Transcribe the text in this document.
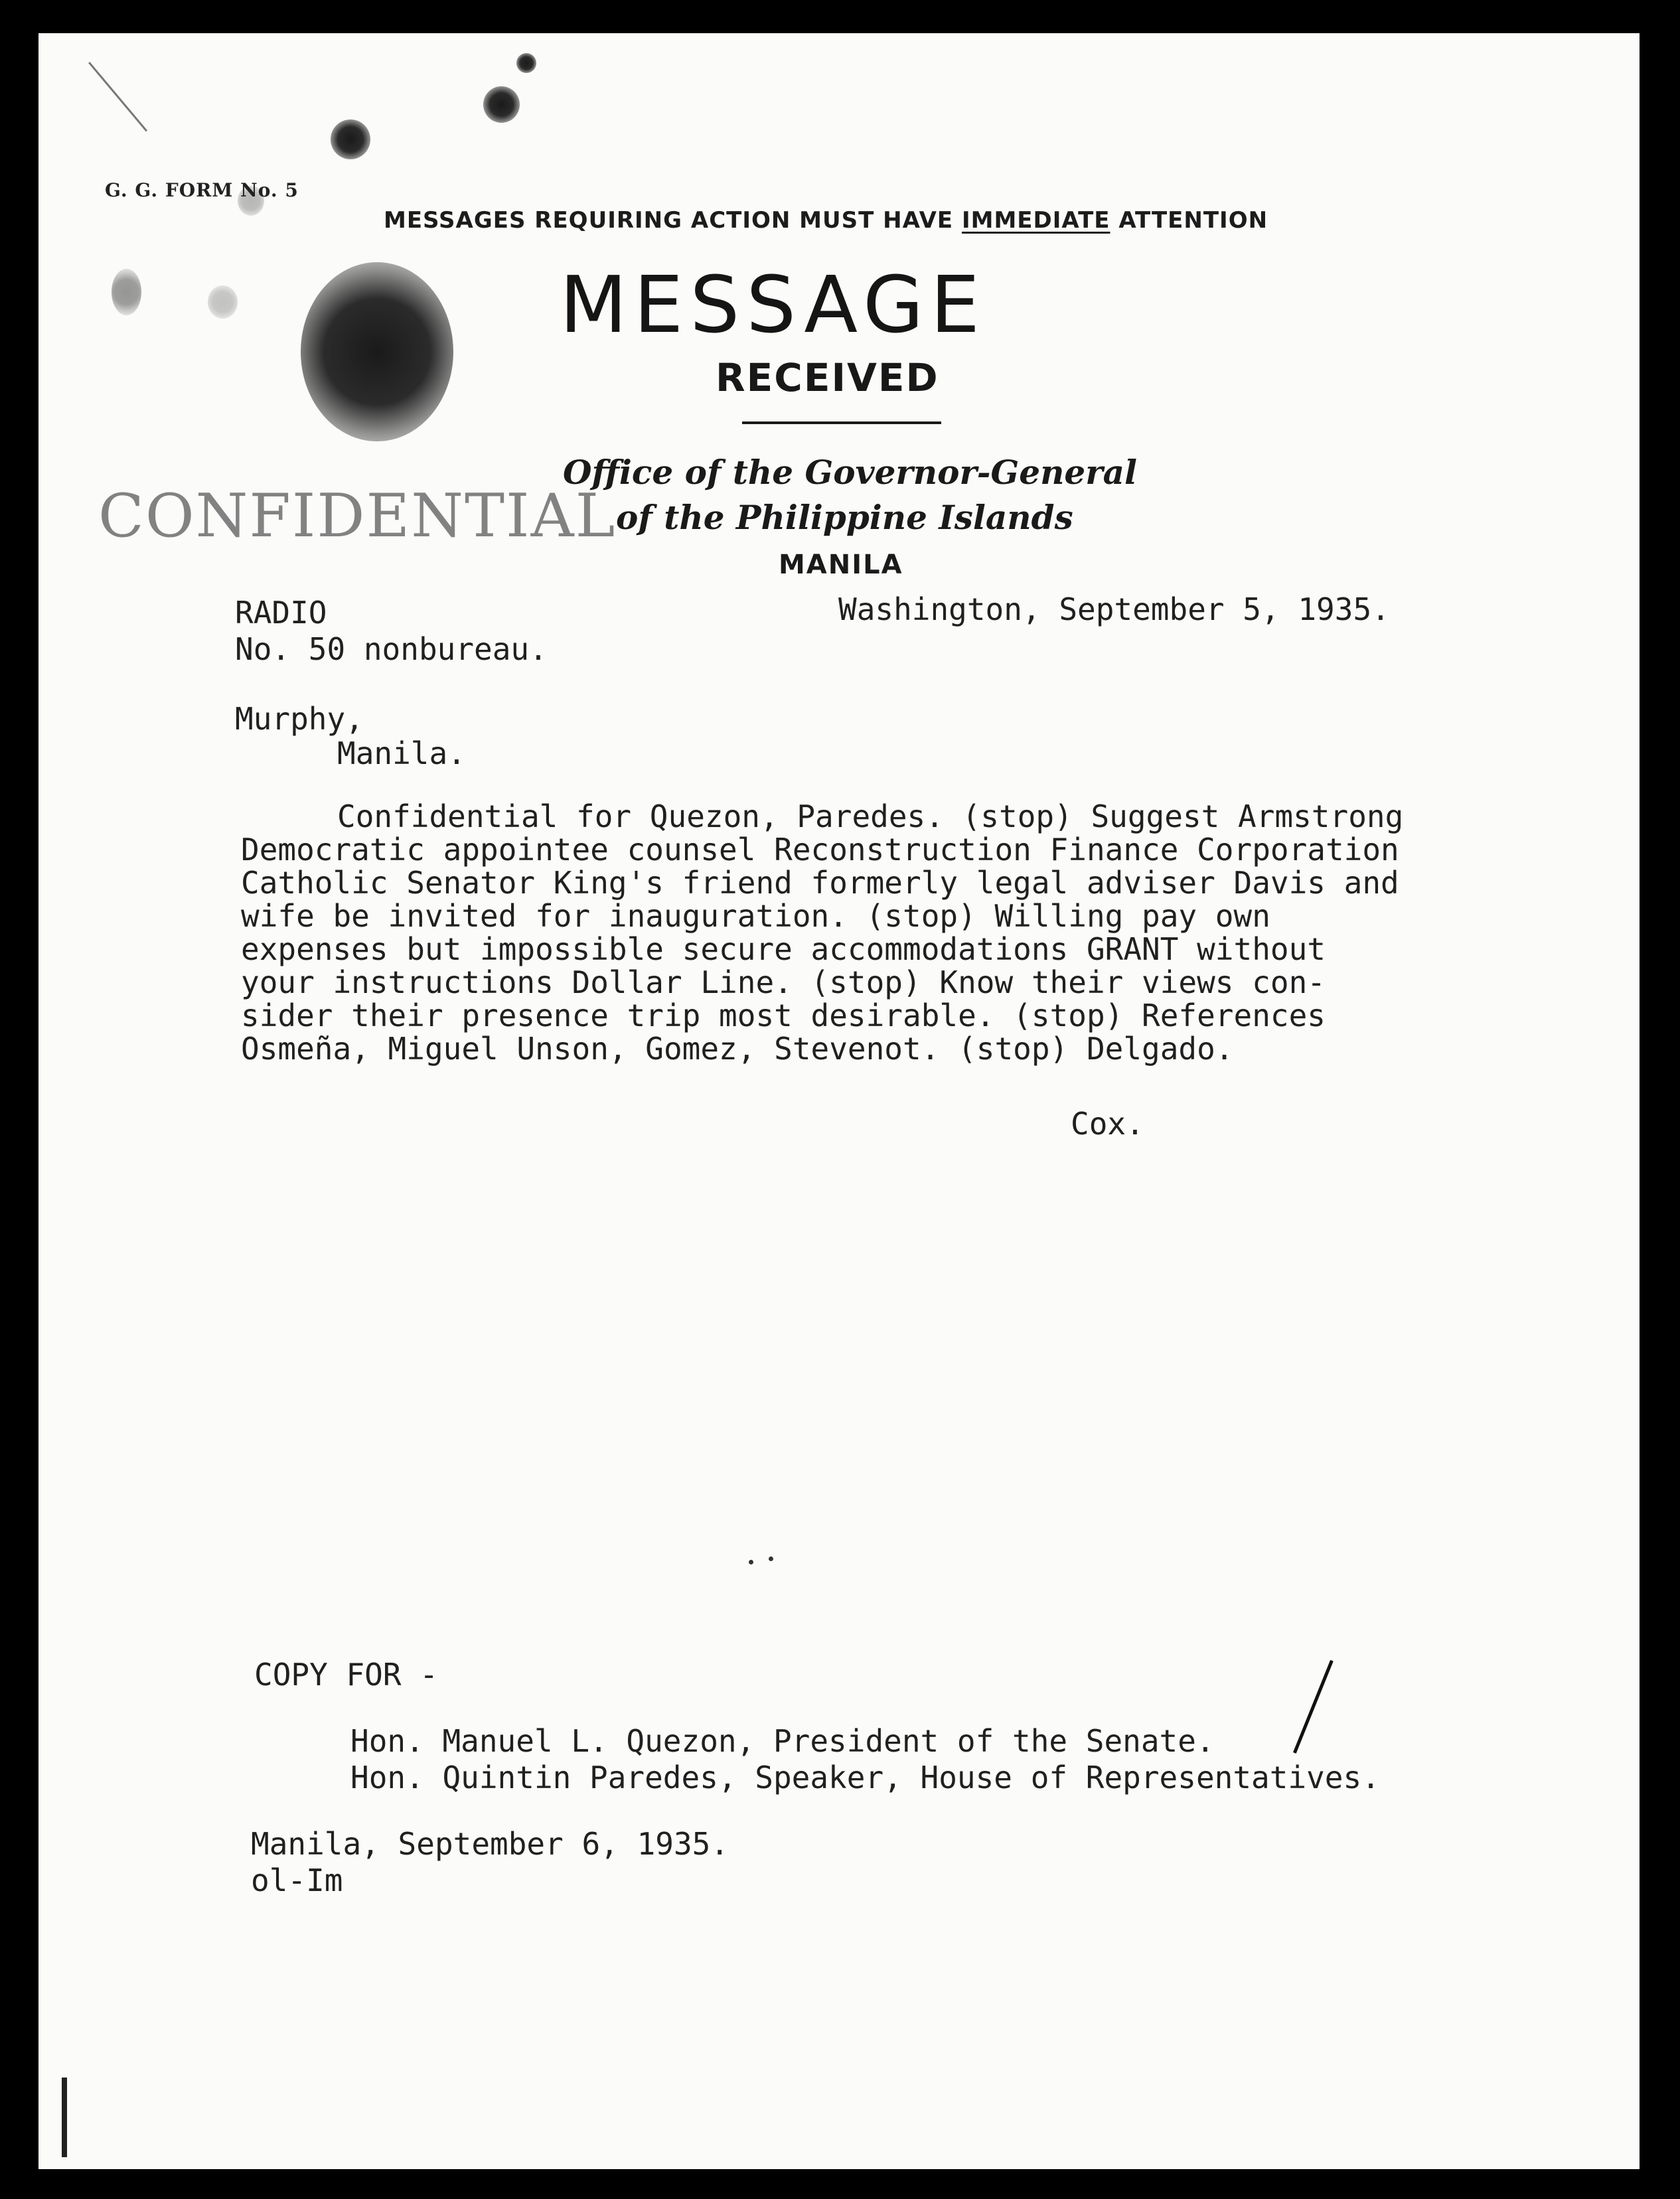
G. G. FORM No. 5
MESSAGES REQUIRING ACTION MUST HAVE IMMEDIATE ATTENTION
MESSAGE
RECEIVED
CONFIDENTIAL
Office of the Governor-General
of the Philippine Islands
MANILA
RADIO	Washington, September 5, 1935.
No. 50 nonbureau.
Murphy,
Manila.
Confidential for Quezon, Paredes. (stop) Suggest Armstrong
Democratic appointee counsel Reconstruction Finance Corporation
Catholic Senator King's friend formerly legal adviser Davis and
wife be invited for inauguration. (stop) Willing pay own
expenses but impossible secure accommodations GRANT without
your instructions Dollar Line. (stop) Know their views con-
sider their presence trip most desirable. (stop) References
Osmeña, Miguel Unson, Gomez, Stevenot. (stop) Delgado.
Cox.
COPY FOR -
Hon. Manuel L. Quezon, President of the Senate.
Hon. Quintin Paredes, Speaker, House of Representatives.
Manila, September 6, 1935.
ol-Im
